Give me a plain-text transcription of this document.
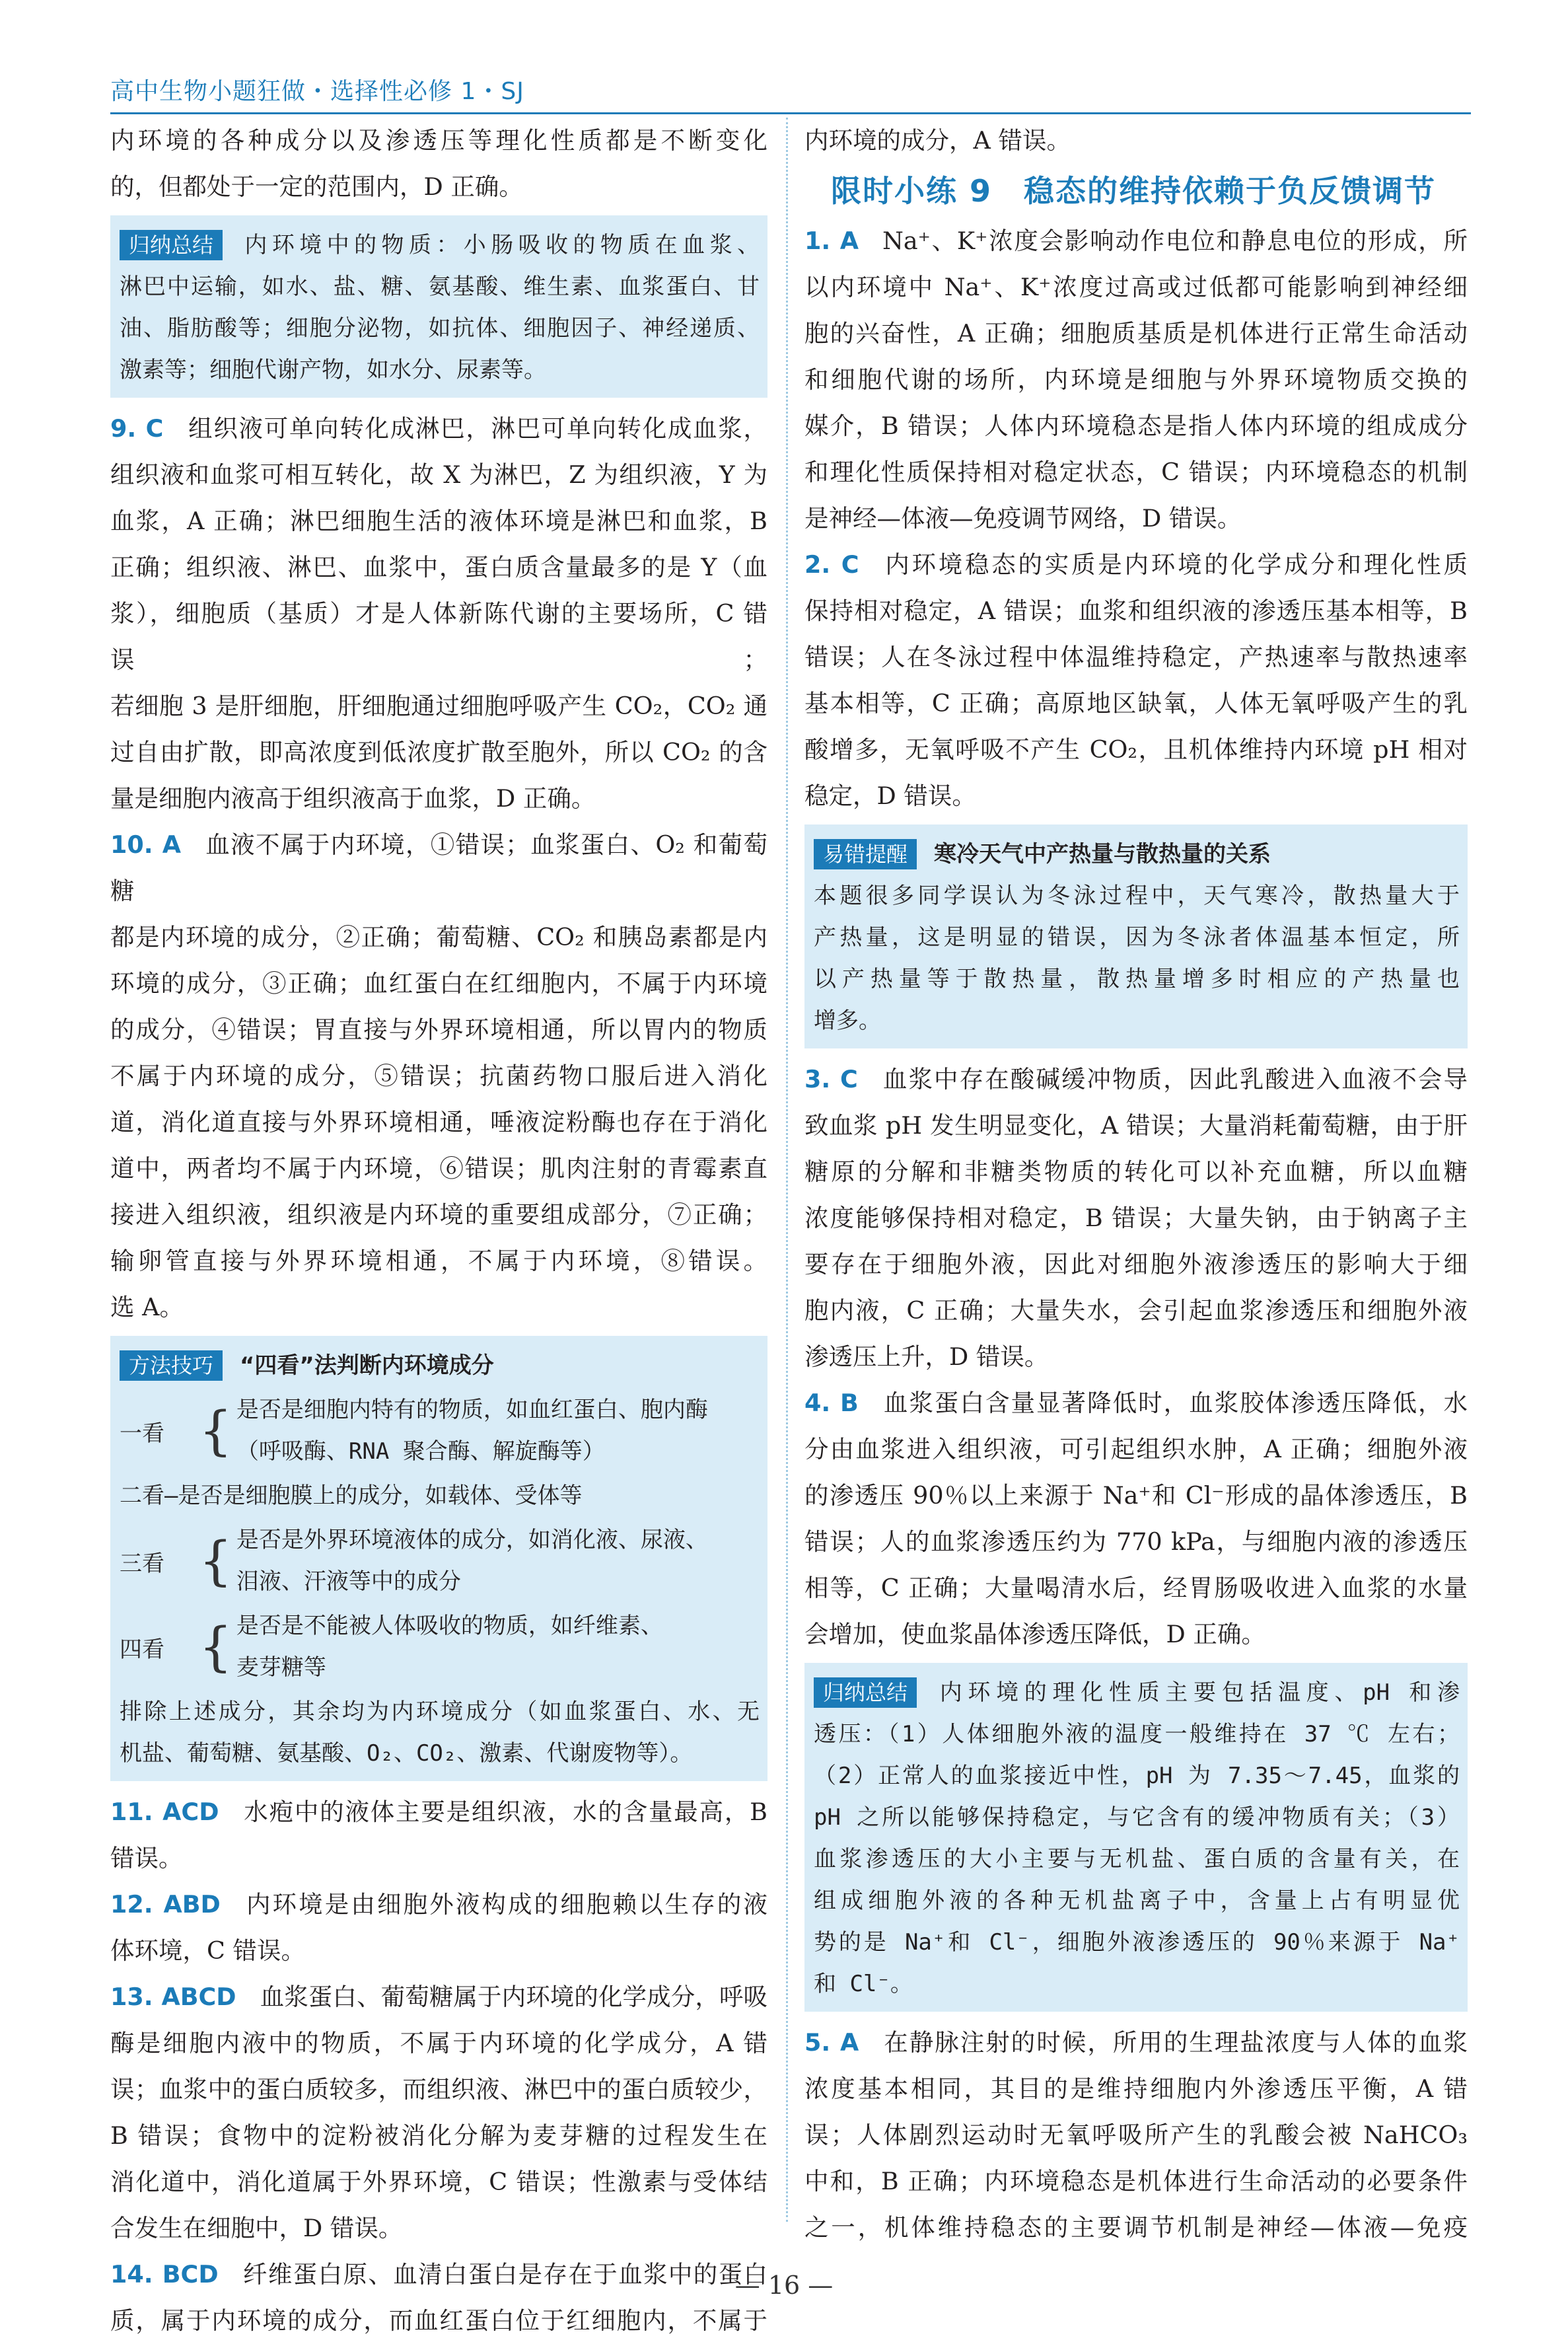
高中生物小题狂做・选择性必修 1・SJ

内环境的各种成分以及渗透压等理化性质都是不断变化

的，但都处于一定的范围内，D 正确。

归纳总结 内环境中的物质：小肠吸收的物质在血浆、

淋巴中运输，如水、盐、糖、氨基酸、维生素、血浆蛋白、甘

油、脂肪酸等；细胞分泌物，如抗体、细胞因子、神经递质、

激素等；细胞代谢产物，如水分、尿素等。

9. C 组织液可单向转化成淋巴，淋巴可单向转化成血浆，

组织液和血浆可相互转化，故 X 为淋巴，Z 为组织液，Y 为

血浆，A 正确；淋巴细胞生活的液体环境是淋巴和血浆，B

正确；组织液、淋巴、血浆中，蛋白质含量最多的是 Y（血

浆），细胞质（基质）才是人体新陈代谢的主要场所，C 错误；

若细胞 3 是肝细胞，肝细胞通过细胞呼吸产生 CO₂，CO₂ 通

过自由扩散，即高浓度到低浓度扩散至胞外，所以 CO₂ 的含

量是细胞内液高于组织液高于血浆，D 正确。

10. A 血液不属于内环境，①错误；血浆蛋白、O₂ 和葡萄糖

都是内环境的成分，②正确；葡萄糖、CO₂ 和胰岛素都是内

环境的成分，③正确；血红蛋白在红细胞内，不属于内环境

的成分，④错误；胃直接与外界环境相通，所以胃内的物质

不属于内环境的成分，⑤错误；抗菌药物口服后进入消化

道，消化道直接与外界环境相通，唾液淀粉酶也存在于消化

道中，两者均不属于内环境，⑥错误；肌肉注射的青霉素直

接进入组织液，组织液是内环境的重要组成部分，⑦正确；

输卵管直接与外界环境相通，不属于内环境，⑧错误。

选 A。

方法技巧 “四看”法判断内环境成分

一看 { 是否是细胞内特有的物质，如血红蛋白、胞内酶

（呼吸酶、RNA 聚合酶、解旋酶等）

二看—是否是细胞膜上的成分，如载体、受体等

三看 { 是否是外界环境液体的成分，如消化液、尿液、

泪液、汗液等中的成分

四看 { 是否是不能被人体吸收的物质，如纤维素、

麦芽糖等

排除上述成分，其余均为内环境成分（如血浆蛋白、水、无

机盐、葡萄糖、氨基酸、O₂、CO₂、激素、代谢废物等）。

11. ACD 水疱中的液体主要是组织液，水的含量最高，B

错误。

12. ABD 内环境是由细胞外液构成的细胞赖以生存的液

体环境，C 错误。

13. ABCD 血浆蛋白、葡萄糖属于内环境的化学成分，呼吸

酶是细胞内液中的物质，不属于内环境的化学成分，A 错

误；血浆中的蛋白质较多，而组织液、淋巴中的蛋白质较少，

B 错误；食物中的淀粉被消化分解为麦芽糖的过程发生在

消化道中，消化道属于外界环境，C 错误；性激素与受体结

合发生在细胞中，D 错误。

14. BCD 纤维蛋白原、血清白蛋白是存在于血浆中的蛋白

质，属于内环境的成分，而血红蛋白位于红细胞内，不属于

内环境的成分，A 错误。

限时小练 9　稳态的维持依赖于负反馈调节

1. A Na⁺、K⁺浓度会影响动作电位和静息电位的形成，所

以内环境中 Na⁺、K⁺浓度过高或过低都可能影响到神经细

胞的兴奋性，A 正确；细胞质基质是机体进行正常生命活动

和细胞代谢的场所，内环境是细胞与外界环境物质交换的

媒介，B 错误；人体内环境稳态是指人体内环境的组成成分

和理化性质保持相对稳定状态，C 错误；内环境稳态的机制

是神经—体液—免疫调节网络，D 错误。

2. C 内环境稳态的实质是内环境的化学成分和理化性质

保持相对稳定，A 错误；血浆和组织液的渗透压基本相等，B

错误；人在冬泳过程中体温维持稳定，产热速率与散热速率

基本相等，C 正确；高原地区缺氧，人体无氧呼吸产生的乳

酸增多，无氧呼吸不产生 CO₂，且机体维持内环境 pH 相对

稳定，D 错误。

易错提醒 寒冷天气中产热量与散热量的关系

本题很多同学误认为冬泳过程中，天气寒冷，散热量大于

产热量，这是明显的错误，因为冬泳者体温基本恒定，所

以产热量等于散热量，散热量增多时相应的产热量也

增多。

3. C 血浆中存在酸碱缓冲物质，因此乳酸进入血液不会导

致血浆 pH 发生明显变化，A 错误；大量消耗葡萄糖，由于肝

糖原的分解和非糖类物质的转化可以补充血糖，所以血糖

浓度能够保持相对稳定，B 错误；大量失钠，由于钠离子主

要存在于细胞外液，因此对细胞外液渗透压的影响大于细

胞内液，C 正确；大量失水，会引起血浆渗透压和细胞外液

渗透压上升，D 错误。

4. B 血浆蛋白含量显著降低时，血浆胶体渗透压降低，水

分由血浆进入组织液，可引起组织水肿，A 正确；细胞外液

的渗透压 90％以上来源于 Na⁺和 Cl⁻形成的晶体渗透压，B

错误；人的血浆渗透压约为 770 kPa，与细胞内液的渗透压

相等，C 正确；大量喝清水后，经胃肠吸收进入血浆的水量

会增加，使血浆晶体渗透压降低，D 正确。

归纳总结 内环境的理化性质主要包括温度、pH 和渗

透压：（1）人体细胞外液的温度一般维持在 37 ℃ 左右；

（2）正常人的血浆接近中性，pH 为 7.35～7.45，血浆的

pH 之所以能够保持稳定，与它含有的缓冲物质有关；（3）

血浆渗透压的大小主要与无机盐、蛋白质的含量有关，在

组成细胞外液的各种无机盐离子中，含量上占有明显优

势的是 Na⁺和 Cl⁻，细胞外液渗透压的 90％来源于 Na⁺

和 Cl⁻。

5. A 在静脉注射的时候，所用的生理盐浓度与人体的血浆

浓度基本相同，其目的是维持细胞内外渗透压平衡，A 错

误；人体剧烈运动时无氧呼吸所产生的乳酸会被 NaHCO₃

中和，B 正确；内环境稳态是机体进行生命活动的必要条件

之一，机体维持稳态的主要调节机制是神经—体液—免疫

— 16 —
